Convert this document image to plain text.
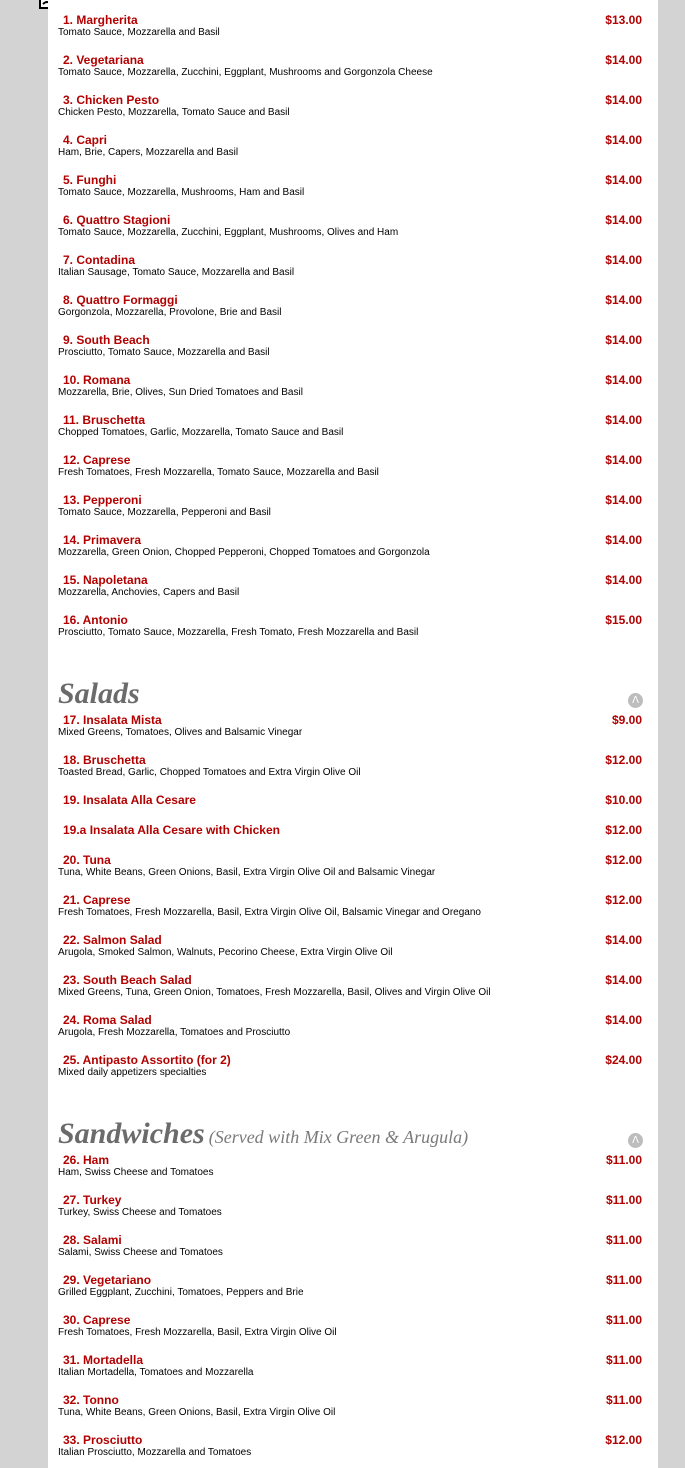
1. Margherita	$13.00
Tomato Sauce, Mozzarella and Basil
2. Vegetariana	$14.00
Tomato Sauce, Mozzarella, Zucchini, Eggplant, Mushrooms and Gorgonzola Cheese
3. Chicken Pesto	$14.00
Chicken Pesto, Mozzarella, Tomato Sauce and Basil
4. Capri	$14.00
Ham, Brie, Capers, Mozzarella and Basil
5. Funghi	$14.00
Tomato Sauce, Mozzarella, Mushrooms, Ham and Basil
6. Quattro Stagioni	$14.00
Tomato Sauce, Mozzarella, Zucchini, Eggplant, Mushrooms, Olives and Ham
7. Contadina	$14.00
Italian Sausage, Tomato Sauce, Mozzarella and Basil
8. Quattro Formaggi	$14.00
Gorgonzola, Mozzarella, Provolone, Brie and Basil
9. South Beach	$14.00
Prosciutto, Tomato Sauce, Mozzarella and Basil
10. Romana	$14.00
Mozzarella, Brie, Olives, Sun Dried Tomatoes and Basil
11. Bruschetta	$14.00
Chopped Tomatoes, Garlic, Mozzarella, Tomato Sauce and Basil
12. Caprese	$14.00
Fresh Tomatoes, Fresh Mozzarella, Tomato Sauce, Mozzarella and Basil
13. Pepperoni	$14.00
Tomato Sauce, Mozzarella, Pepperoni and Basil
14. Primavera	$14.00
Mozzarella, Green Onion, Chopped Pepperoni, Chopped Tomatoes and Gorgonzola
15. Napoletana	$14.00
Mozzarella, Anchovies, Capers and Basil
16. Antonio	$15.00
Prosciutto, Tomato Sauce, Mozzarella, Fresh Tomato, Fresh Mozzarella and Basil
Salads	Λ
17. Insalata Mista	$9.00
Mixed Greens, Tomatoes, Olives and Balsamic Vinegar
18. Bruschetta	$12.00
Toasted Bread, Garlic, Chopped Tomatoes and Extra Virgin Olive Oil
19. Insalata Alla Cesare	$10.00
19.a Insalata Alla Cesare with Chicken	$12.00
20. Tuna	$12.00
Tuna, White Beans, Green Onions, Basil, Extra Virgin Olive Oil and Balsamic Vinegar
21. Caprese	$12.00
Fresh Tomatoes, Fresh Mozzarella, Basil, Extra Virgin Olive Oil, Balsamic Vinegar and Oregano
22. Salmon Salad	$14.00
Arugola, Smoked Salmon, Walnuts, Pecorino Cheese, Extra Virgin Olive Oil
23. South Beach Salad	$14.00
Mixed Greens, Tuna, Green Onion, Tomatoes, Fresh Mozzarella, Basil, Olives and Virgin Olive Oil
24. Roma Salad	$14.00
Arugola, Fresh Mozzarella, Tomatoes and Prosciutto
25. Antipasto Assortito (for 2)	$24.00
Mixed daily appetizers specialties
Sandwiches (Served with Mix Green & Arugula)	Λ
26. Ham	$11.00
Ham, Swiss Cheese and Tomatoes
27. Turkey	$11.00
Turkey, Swiss Cheese and Tomatoes
28. Salami	$11.00
Salami, Swiss Cheese and Tomatoes
29. Vegetariano	$11.00
Grilled Eggplant, Zucchini, Tomatoes, Peppers and Brie
30. Caprese	$11.00
Fresh Tomatoes, Fresh Mozzarella, Basil, Extra Virgin Olive Oil
31. Mortadella	$11.00
Italian Mortadella, Tomatoes and Mozzarella
32. Tonno	$11.00
Tuna, White Beans, Green Onions, Basil, Extra Virgin Olive Oil
33. Prosciutto	$12.00
Italian Prosciutto, Mozzarella and Tomatoes
